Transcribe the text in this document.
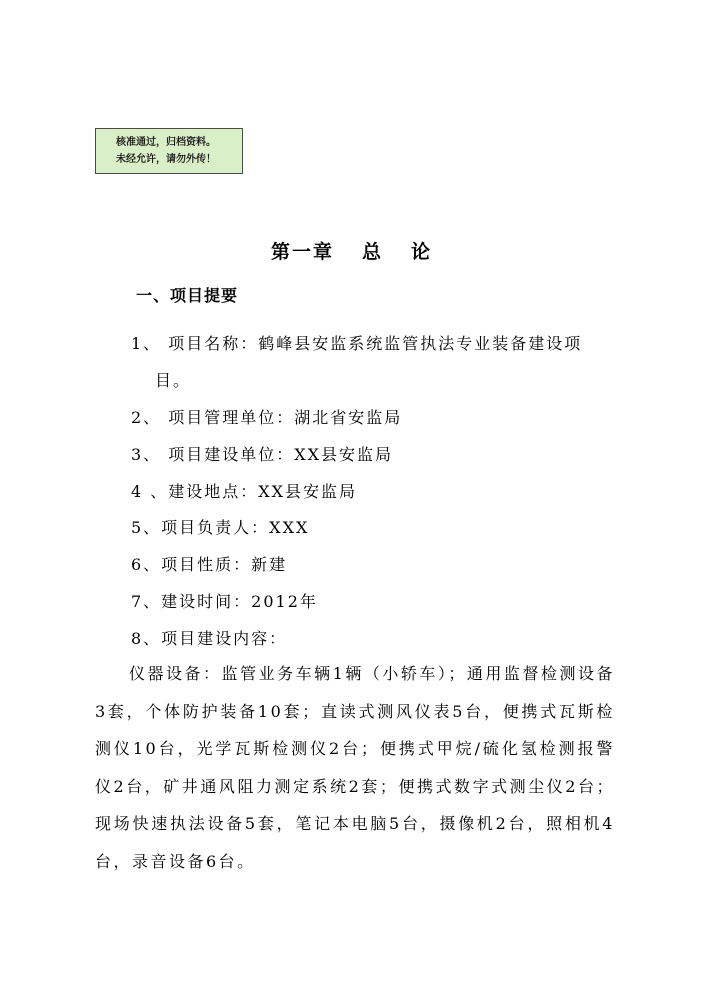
核准通过，归档资料。
未经允许，请勿外传！
第一章 总 论
一、项目提要
1、 项目名称：鹤峰县安监系统监管执法专业装备建设项
目。
2、 项目管理单位：湖北省安监局
3、 项目建设单位：XX县安监局
4 、建设地点：XX县安监局
5、项目负责人：XXX
6、项目性质：新建
7、建设时间：2012年
8、项目建设内容：
仪器设备：监管业务车辆1辆（小轿车）；通用监督检测设备3套，个体防护装备10套；直读式测风仪表5台，便携式瓦斯检测仪10台，光学瓦斯检测仪2台；便携式甲烷/硫化氢检测报警仪2台，矿井通风阻力测定系统2套；便携式数字式测尘仪2台；现场快速执法设备5套，笔记本电脑5台，摄像机2台，照相机4台，录音设备6台。
